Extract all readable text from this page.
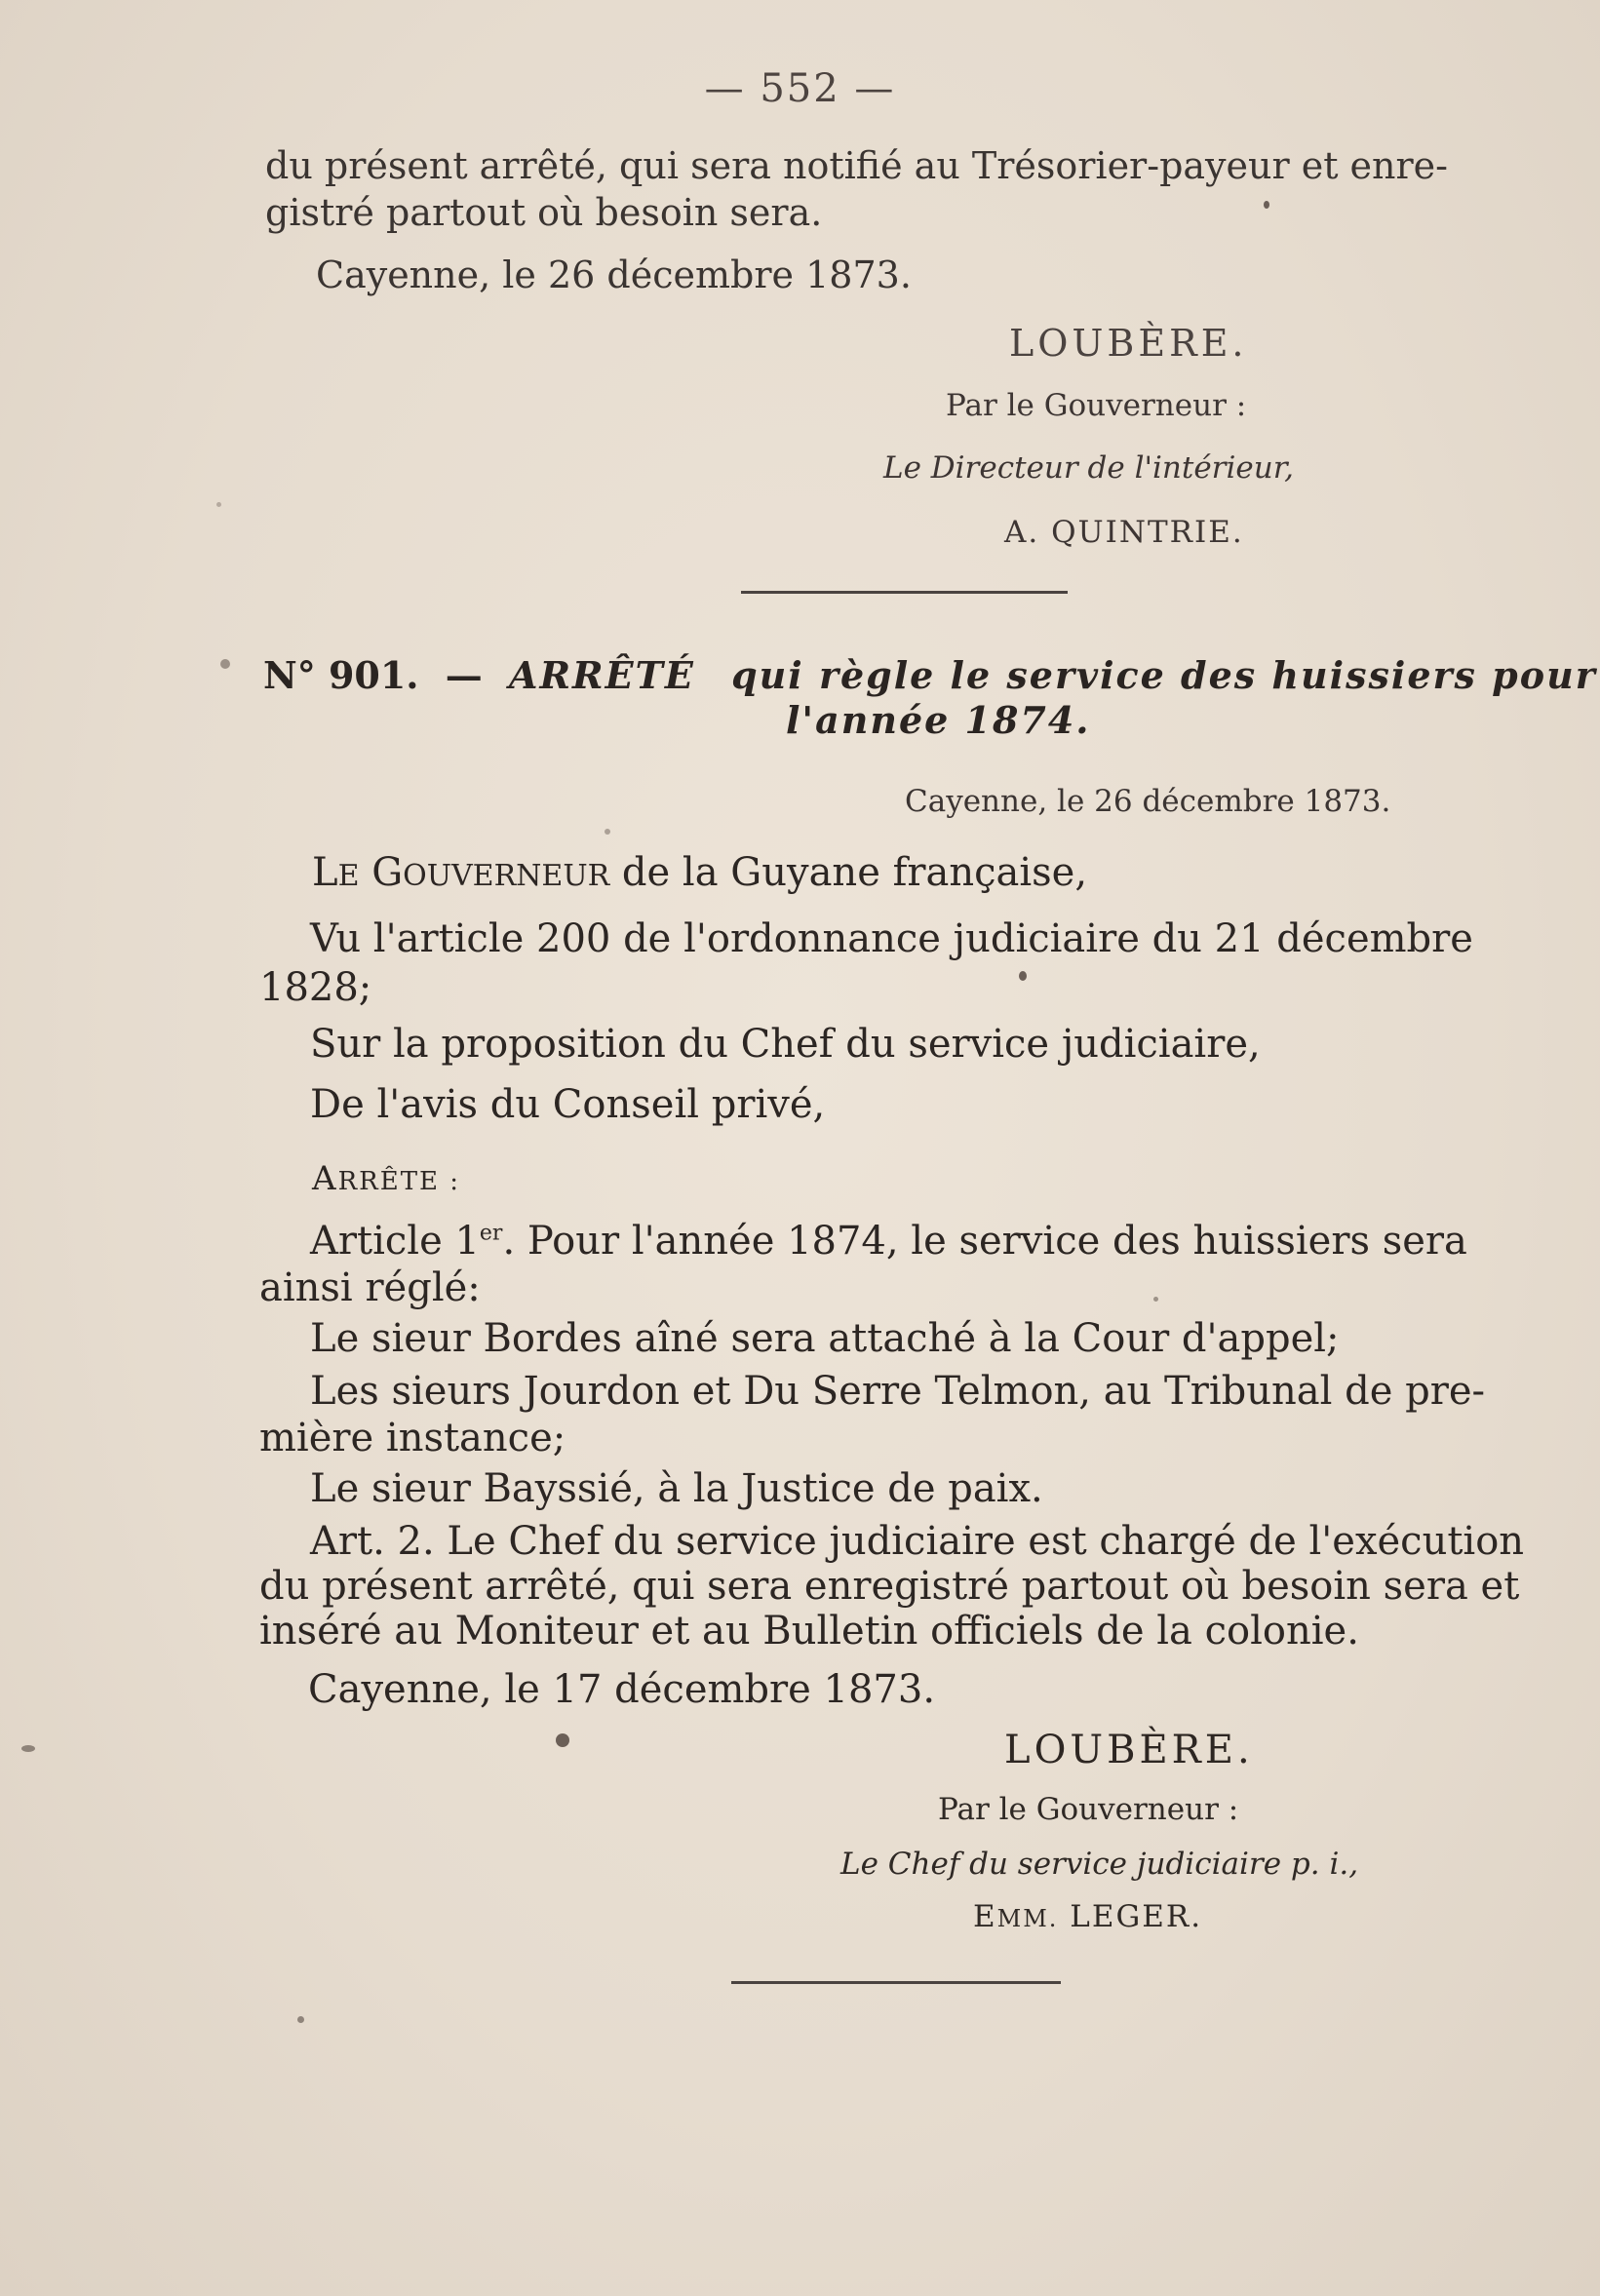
— 552 —
du présent arrêté, qui sera notifié au Trésorier-payeur et enre-
gistré partout où besoin sera.
Cayenne, le 26 décembre 1873.
LOUBÈRE.
Par le Gouverneur :
Le Directeur de l'intérieur,
A. QUINTRIE.
N° 901. — ARRÊTÉ qui règle le service des huissiers pour
l'année 1874.
Cayenne, le 26 décembre 1873.
LE GOUVERNEUR de la Guyane française,
Vu l'article 200 de l'ordonnance judiciaire du 21 décembre
1828;
Sur la proposition du Chef du service judiciaire,
De l'avis du Conseil privé,
ARRÊTE :
Article 1er. Pour l'année 1874, le service des huissiers sera
ainsi réglé:
Le sieur Bordes aîné sera attaché à la Cour d'appel;
Les sieurs Jourdon et Du Serre Telmon, au Tribunal de pre-
mière instance;
Le sieur Bayssié, à la Justice de paix.
Art. 2. Le Chef du service judiciaire est chargé de l'exécution
du présent arrêté, qui sera enregistré partout où besoin sera et
inséré au Moniteur et au Bulletin officiels de la colonie.
Cayenne, le 17 décembre 1873.
LOUBÈRE.
Par le Gouverneur :
Le Chef du service judiciaire p. i.,
EMM. LEGER.
